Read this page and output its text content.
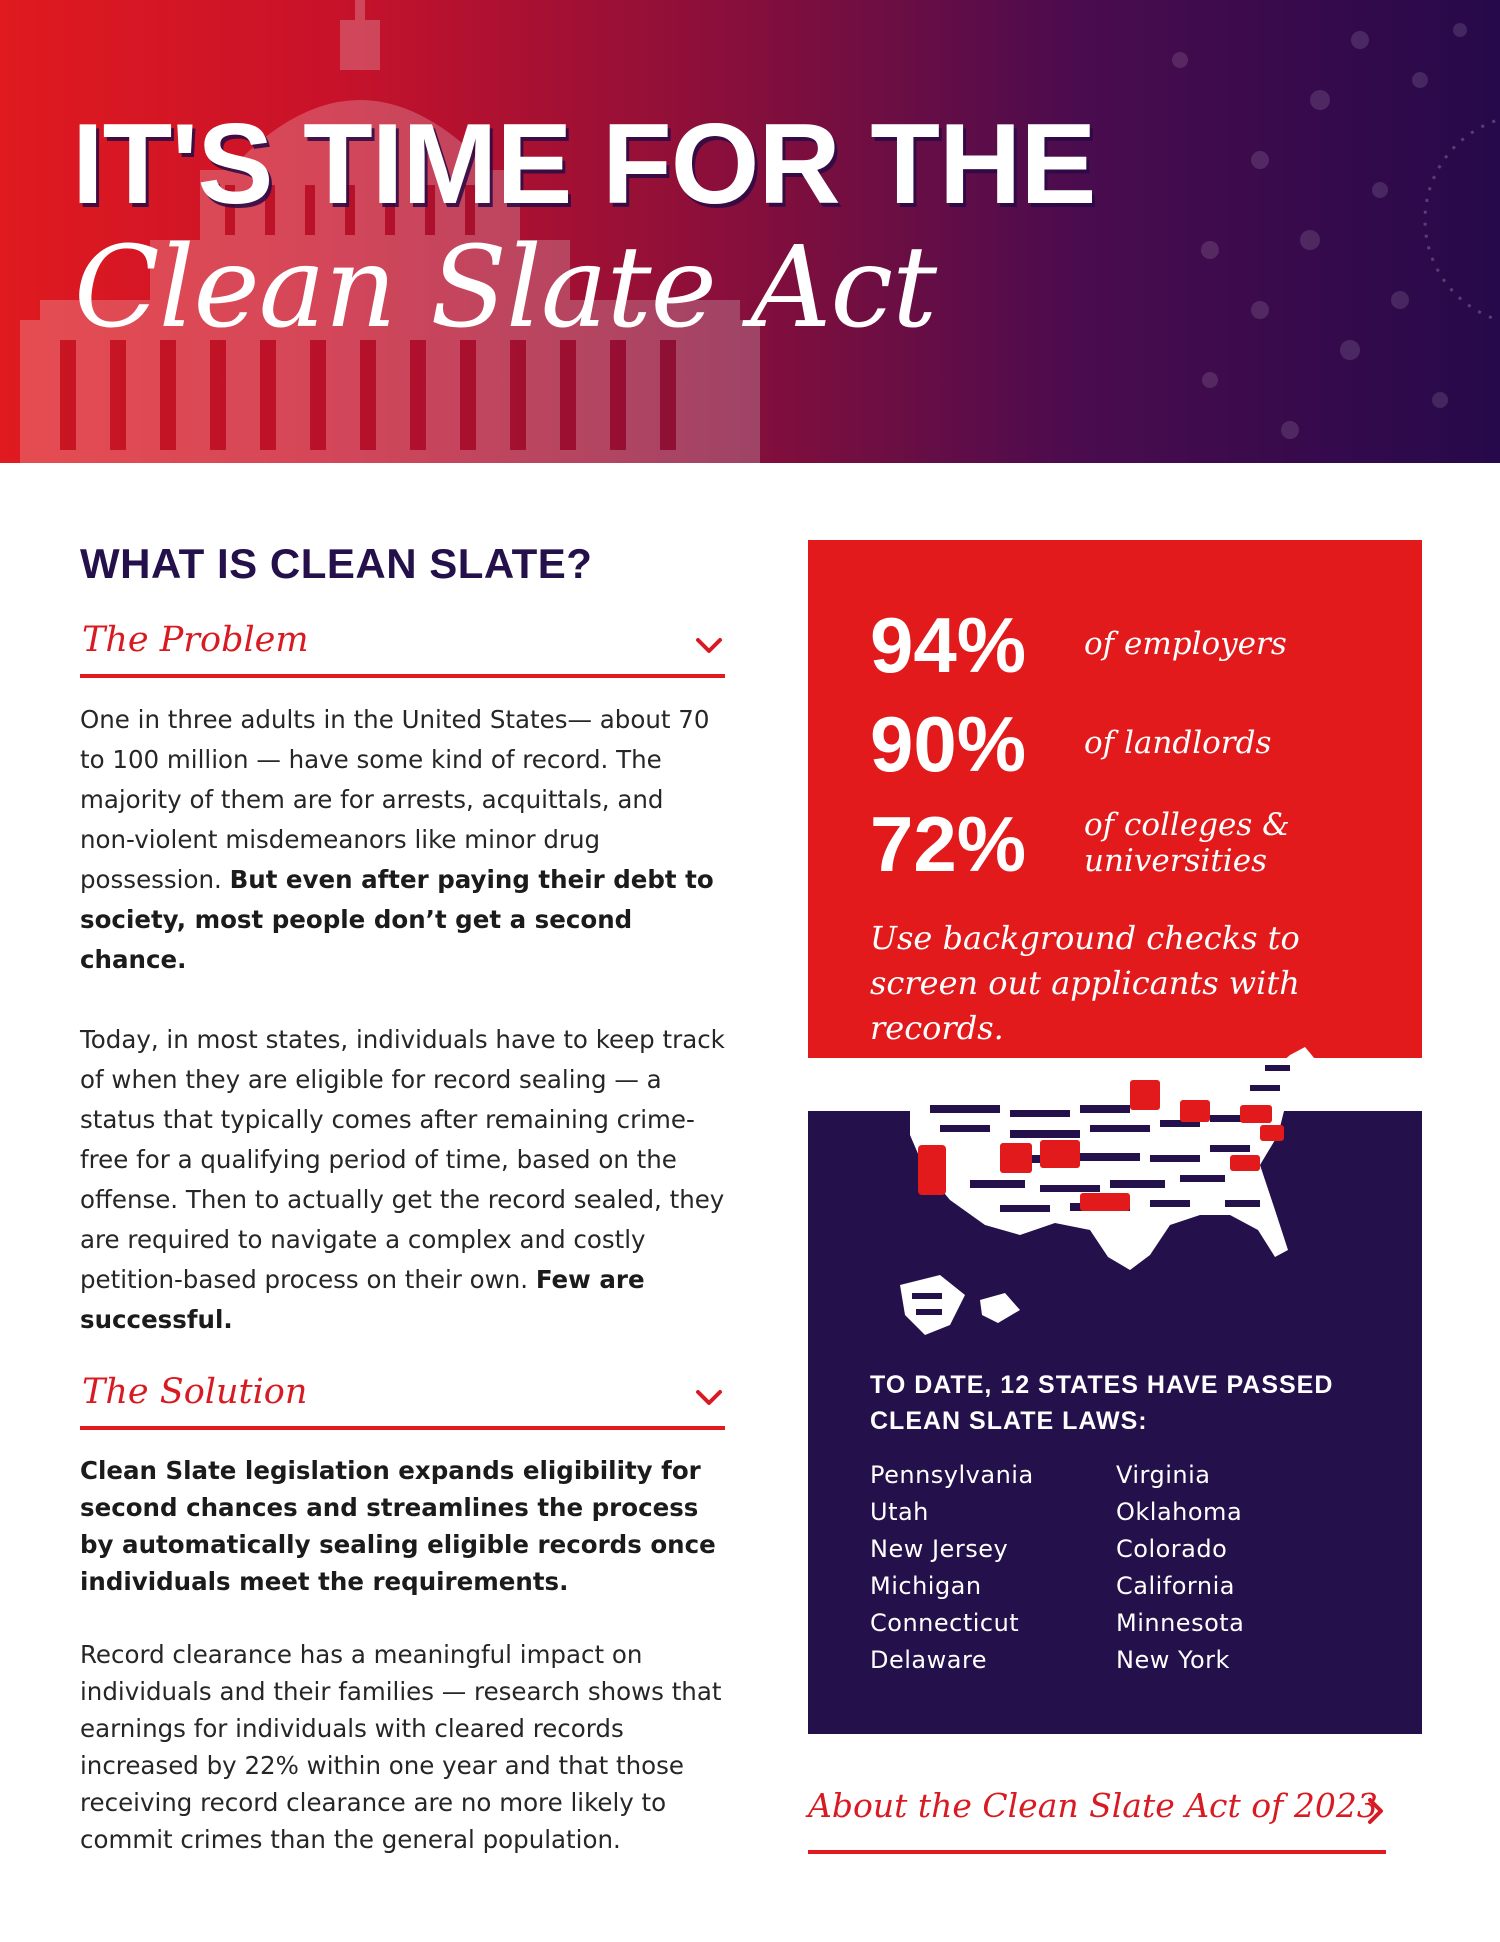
IT'S TIME FOR THE
Clean Slate Act
WHAT IS CLEAN SLATE?
The Problem

One in three adults in the United States— about 70 to 100 million — have some kind of record. The majority of them are for arrests, acquittals, and non-violent misdemeanors like minor drug possession. But even after paying their debt to society, most people don’t get a second chance.

Today, in most states, individuals have to keep track of when they are eligible for record sealing — a status that typically comes after remaining crime-free for a qualifying period of time, based on the offense. Then to actually get the record sealed, they are required to navigate a complex and costly petition-based process on their own. Few are successful.

The Solution

Clean Slate legislation expands eligibility for second chances and streamlines the process by automatically sealing eligible records once individuals meet the requirements.

Record clearance has a meaningful impact on individuals and their families — research shows that earnings for individuals with cleared records increased by 22% within one year and that those receiving record clearance are no more likely to commit crimes than the general population.

94% of employers
90% of landlords
72% of colleges & universities
Use background checks to screen out applicants with records.
TO DATE, 12 STATES HAVE PASSED CLEAN SLATE LAWS:
Pennsylvania
Utah
New Jersey
Michigan
Connecticut
Delaware
Virginia
Oklahoma
Colorado
California
Minnesota
New York
About the Clean Slate Act of 2023
